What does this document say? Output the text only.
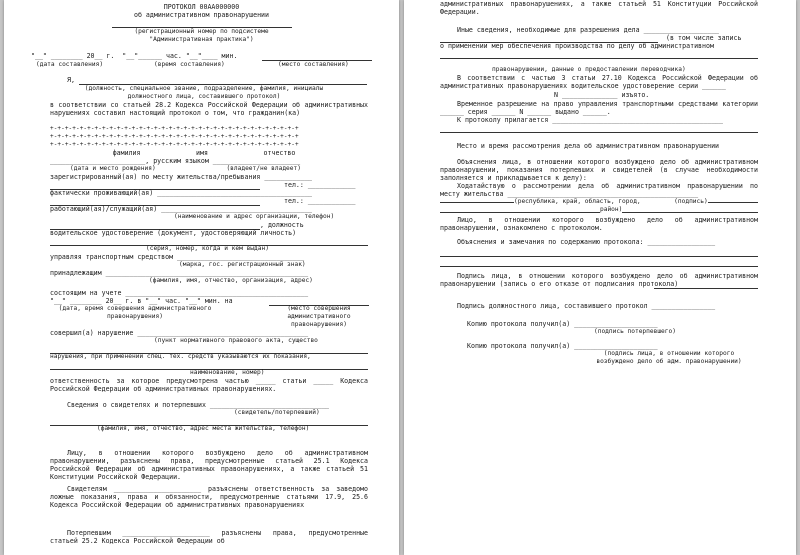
ПРОТОКОЛ 00АА000000
об административном правонарушении
(регистрационный номер по подсистеме
"Административная практика")
"__" ________ 20__ г.  "__"______ час. "__"____ мин.
(дата составления)	(время составления)	(место составления)
Я,
(должность, специальное звание, подразделение, фамилия, инициалы
должностного лица, составившего протокол)
в соответствии со статьей 28.2 Кодекса Российской Федерации об административных нарушениях составил настоящий протокол о том, что гражданин(ка)
+-+-+-+-+-+-+-+-+-+-+-+-+-+-+-+-+-+-+-+-+-+-+-+-+-+-+-+-+-+-+-+-+-+
+-+-+-+-+-+-+-+-+-+-+-+-+-+-+-+-+-+-+-+-+-+-+-+-+-+-+-+-+-+-+-+-+-+
+-+-+-+-+-+-+-+-+-+-+-+-+-+-+-+-+-+-+-+-+-+-+-+-+-+-+-+-+-+-+-+-+-+
фамилия              имя              отчество
________________________, русским языком ______________________
(дата и место рождения)                   (владеет/не владеет)
зарегистрированный(ая) по месту жительства/пребывания ____________
тел.: ____________
фактически проживающий(ая) _______________________________________
тел.: ____________
работающий(ая)/служащий(ая) ______________________________________
(наименование и адрес организации, телефон)
, должность
водительское удостоверение (документ, удостоверяющий личность)
(серия, номер, когда и кем выдан)
управляя транспортным средством ________________________________
(марка, гос. регистрационный знак)
принадлежащим ___________________________________________________
(фамилия, имя, отчество, организация, адрес)
состоящим на учете ______________________________________________
"__" ________ 20__ г. в "__" час. "__" мин. на
(дата, время совершения административного правонарушения)
(место совершения административного правонарушения)
совершил(а) нарушение ___________________________________________
(пункт нормативного правового акта, существо
нарушения, при применении спец. тех. средств указываются их показания,
наименование, номер)
ответственность за которое предусмотрена частью _____ статьи _____ Кодекса Российской Федерации об административных правонарушениях.
Сведения о свидетелях и потерпевших ______________________________
(свидетель/потерпевший)
(фамилия, имя, отчество, адрес места жительства, телефон)
Лицу, в отношении которого возбуждено дело об административном правонарушении, разъяснены права, предусмотренные статьей 25.1 Кодекса Российской Федерации об административных правонарушениях, а также статьей 51 Конституции Российской Федерации.
Свидетелям ______________________ разъяснены ответственность за заведомо ложные показания, права и обязанности, предусмотренные статьями 17.9, 25.6 Кодекса Российской Федерации об административных правонарушениях
Потерпевшим ______________________ разъяснены права, предусмотренные статьей 25.2 Кодекса Российской Федерации об
административных правонарушениях, а также статьей 51 Конституции Российской Федерации.
Иные сведения, необходимые для разрешения дела ___________________
(в том числе запись
о применении мер обеспечения производства по делу об административном
правонарушении, данные о предоставлении переводчика)
В соответствии с частью 3 статьи 27.10 Кодекса Российской Федерации об административных правонарушениях водительское удостоверение серии ______
N ______________ изъято.
Временное разрешение на право управления транспортными средствами категории ______ серия ______ N ______ выдано ______.
К протоколу прилагается ___________________________________________
Место и время рассмотрения дела об административном правонарушении
Объяснения лица, в отношении которого возбуждено дело об административном правонарушении, показания потерпевших и свидетелей (в случае необходимости заполняется и прикладывается к делу):
Ходатайствую о рассмотрении дела об административном правонарушении по месту жительства ________________________________________________
(республика, край, область, город,         (подпись)
район)
Лицо, в отношении которого возбуждено дело об административном правонарушении, ознакомлено с протоколом.
Объяснения и замечания по содержанию протокола: _________________
Подпись лица, в отношении которого возбуждено дело об административном правонарушении (запись о его отказе от подписания протокола)
Подпись должностного лица, составившего протокол ________________
Копию протокола получил(а) _____________________
(подпись потерпевшего)
Копию протокола получил(а) _____________________
(подпись лица, в отношении которого возбуждено дело об адм. правонарушении)
